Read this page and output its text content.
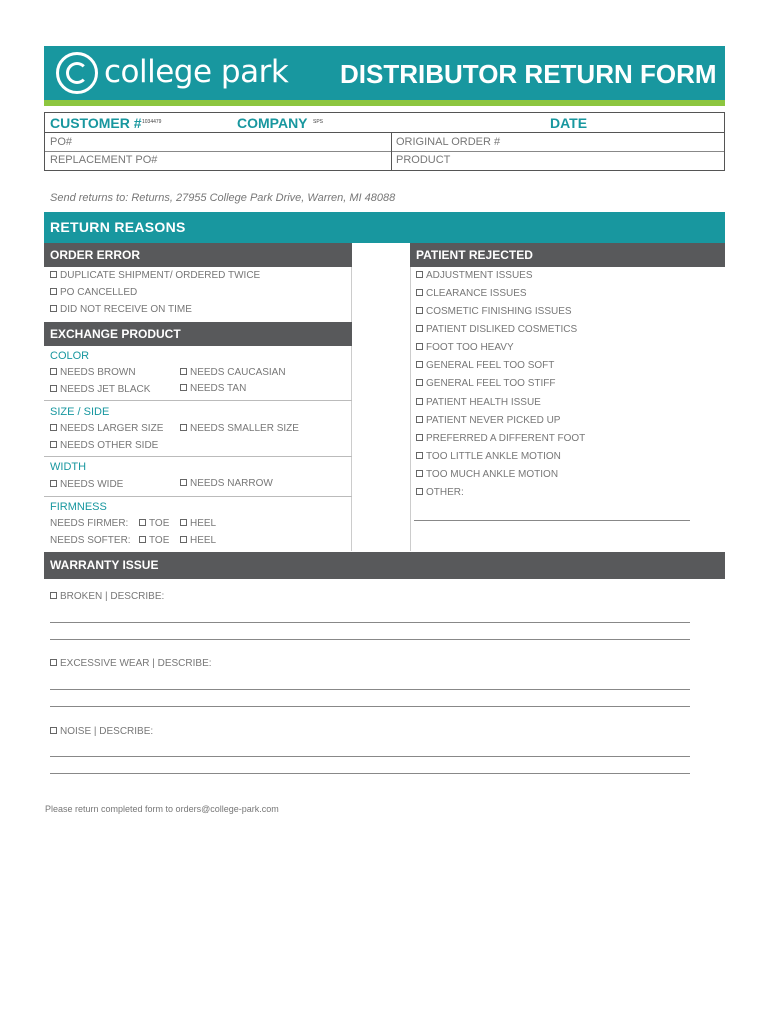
college park DISTRIBUTOR RETURN FORM
CUSTOMER # 1034479	COMPANY SPS	DATE
PO#	ORIGINAL ORDER #
REPLACEMENT PO#	PRODUCT
Send returns to: Returns, 27955 College Park Drive, Warren, MI 48088
RETURN REASONS
ORDER ERROR	PATIENT REJECTED
DUPLICATE SHIPMENT/ ORDERED TWICE
PO CANCELLED
DID NOT RECEIVE ON TIME
EXCHANGE PRODUCT
COLOR
NEEDS BROWN	NEEDS CAUCASIAN
NEEDS JET BLACK	NEEDS TAN
SIZE / SIDE
NEEDS LARGER SIZE	NEEDS SMALLER SIZE
NEEDS OTHER SIDE
WIDTH
NEEDS WIDE	NEEDS NARROW
FIRMNESS
NEEDS FIRMER:	TOE	HEEL
NEEDS SOFTER:	TOE	HEEL
ADJUSTMENT ISSUES
CLEARANCE ISSUES
COSMETIC FINISHING ISSUES
PATIENT DISLIKED COSMETICS
FOOT TOO HEAVY
GENERAL FEEL TOO SOFT
GENERAL FEEL TOO STIFF
PATIENT HEALTH ISSUE
PATIENT NEVER PICKED UP
PREFERRED A DIFFERENT FOOT
TOO LITTLE ANKLE MOTION
TOO MUCH ANKLE MOTION
OTHER:
WARRANTY ISSUE
BROKEN | DESCRIBE:
EXCESSIVE WEAR | DESCRIBE:
NOISE | DESCRIBE:
Please return completed form to orders@college-park.com
